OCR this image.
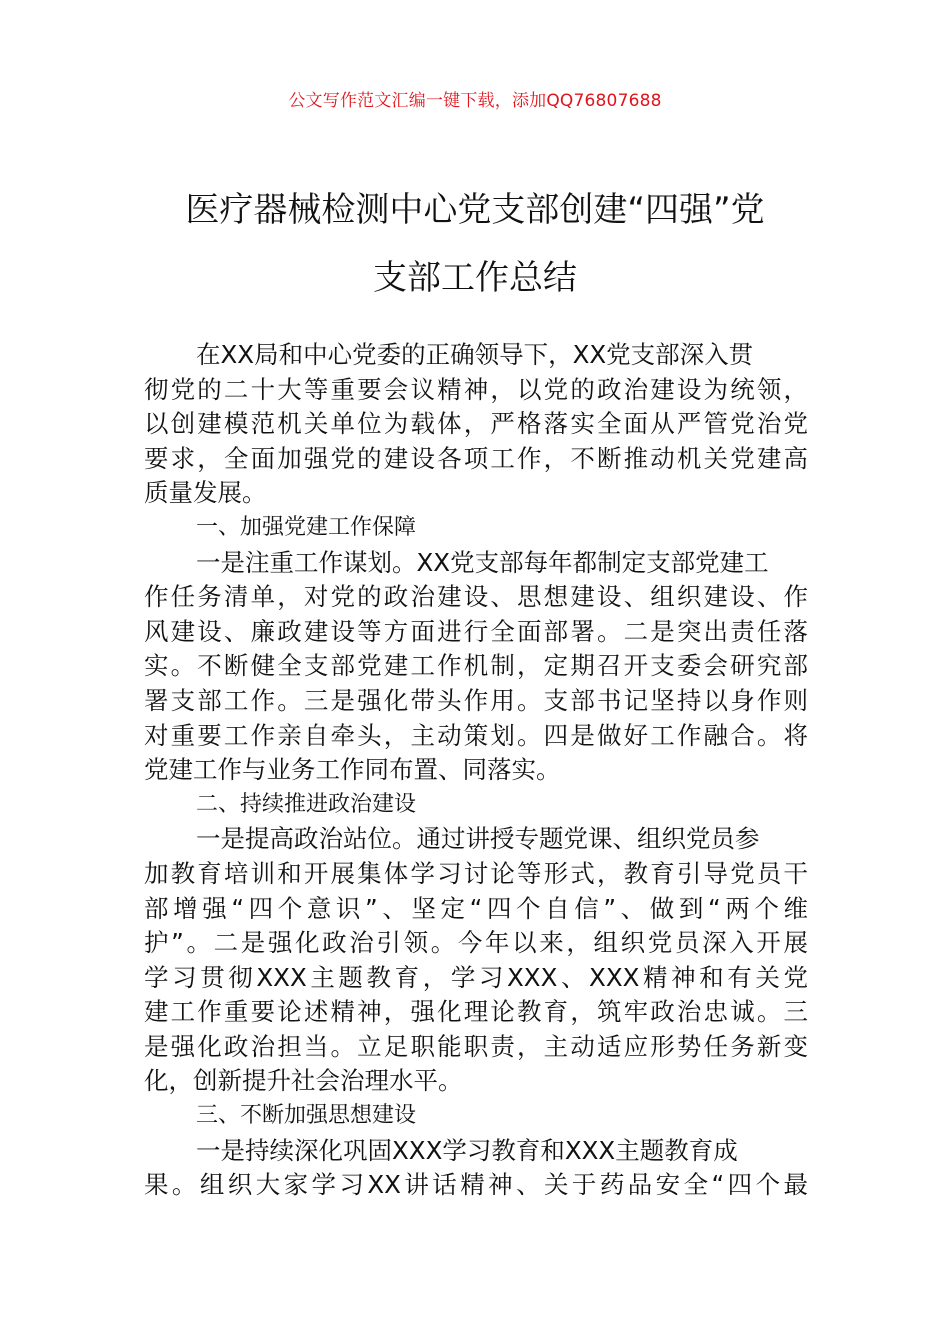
公文写作范文汇编一键下载，添加QQ76807688
医疗器械检测中心党支部创建“四强”党
支部工作总结
在XX局和中心党委的正确领导下，XX党支部深入贯
彻党的二十大等重要会议精神，以党的政治建设为统领，
以创建模范机关单位为载体，严格落实全面从严管党治党
要求，全面加强党的建设各项工作，不断推动机关党建高
质量发展。
一、加强党建工作保障
一是注重工作谋划。XX党支部每年都制定支部党建工
作任务清单，对党的政治建设、思想建设、组织建设、作
风建设、廉政建设等方面进行全面部署。二是突出责任落
实。不断健全支部党建工作机制，定期召开支委会研究部
署支部工作。三是强化带头作用。支部书记坚持以身作则
对重要工作亲自牵头，主动策划。四是做好工作融合。将
党建工作与业务工作同布置、同落实。
二、持续推进政治建设
一是提高政治站位。通过讲授专题党课、组织党员参
加教育培训和开展集体学习讨论等形式，教育引导党员干
部增强“四个意识”、坚定“四个自信”、做到“两个维
护”。二是强化政治引领。今年以来，组织党员深入开展
学习贯彻XXX主题教育，学习XXX、XXX精神和有关党
建工作重要论述精神，强化理论教育，筑牢政治忠诚。三
是强化政治担当。立足职能职责，主动适应形势任务新变
化，创新提升社会治理水平。
三、不断加强思想建设
一是持续深化巩固XXX学习教育和XXX主题教育成
果。组织大家学习XX讲话精神、关于药品安全“四个最
